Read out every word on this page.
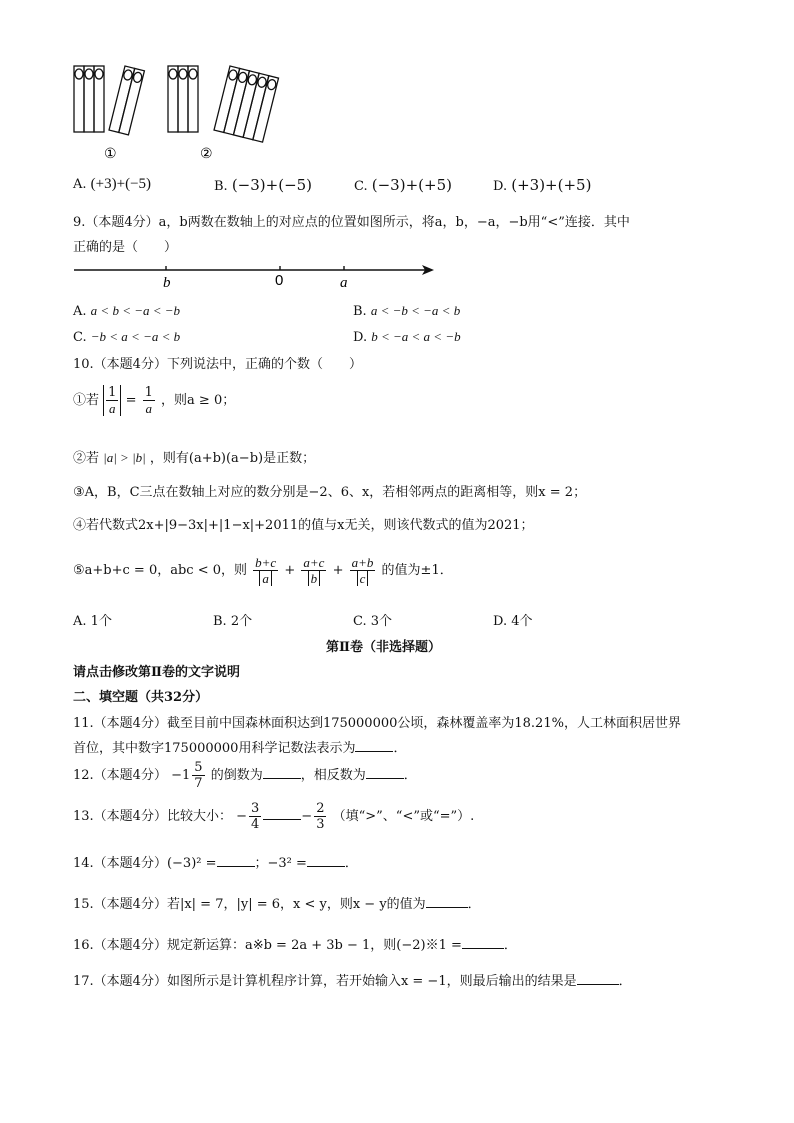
①	②
A. (+3)+(−5)	B. (−3)+(−5)	C. (−3)+(+5)	D. (+3)+(+5)
9.（本题4分）a，b两数在数轴上的对应点的位置如图所示，将a，b，−a，−b用“<”连接．其中
正确的是（　　）
b	0	a
A. a < b < −a < −b	B. a < −b < −a < b
C. −b < a < −a < b	D. b < −a < a < −b
10.（本题4分）下列说法中，正确的个数（　　）
①若 $\frac{1}{a} = \frac{1}{a}$ ，则a ≥ 0；
②若 |a| > |b| ，则有(a+b)(a−b)是正数；
③A，B，C三点在数轴上对应的数分别是−2、6、x，若相邻两点的距离相等，则x = 2；
④若代数式2x+|9−3x|+|1−x|+2011的值与x无关，则该代数式的值为2021；
⑤a+b+c = 0，abc < 0，则 $\frac{b+c}{a} + \frac{a+c}{b} + \frac{a+b}{c}$ 的值为±1．
A. 1个	B. 2个	C. 3个	D. 4个
第Ⅱ卷（非选择题）
请点击修改第Ⅱ卷的文字说明
二、填空题（共32分）
11.（本题4分）截至目前中国森林面积达到175000000公顷，森林覆盖率为18.21%，人工林面积居世界
首位，其中数字175000000用科学记数法表示为	．
12.（本题4分） $-1 \frac{5}{7}$ 的倒数为	，相反数为	．
13.（本题4分）比较大小： − $\frac{3}{4}$	− $\frac{2}{3}$ （填“>”、“<”或“=”）.
14.（本题4分）(−3)² =	；−3² =	．
15.（本题4分）若|x| = 7，|y| = 6，x < y，则x − y的值为	．
16.（本题4分）规定新运算：a※b = 2a + 3b − 1，则(−2)※1 =	．
17.（本题4分）如图所示是计算机程序计算，若开始输入x = −1，则最后输出的结果是	．
